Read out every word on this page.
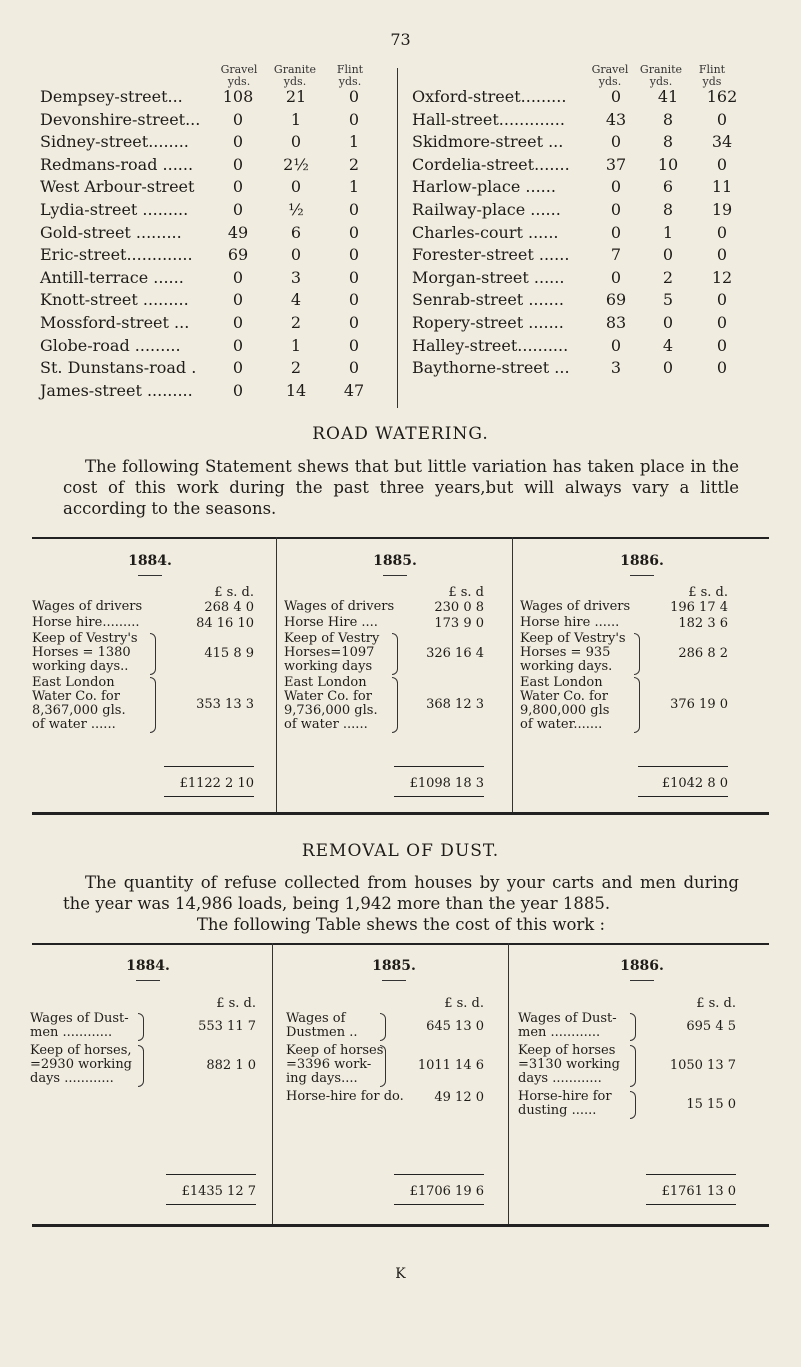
73
Gravel yds.
Granite yds.
Flint yds.
Gravel yds.
Granite yds.
Flint yds
Dempsey-street... 108	21	0
Devonshire-street...	0	1	0
Sidney-street........	0	0	1
Redmans-road ......	0	2½	2
West Arbour-street	0	0	1
Lydia-street .........	0	½	0
Gold-street .........	49	6	0
Eric-street.............	69	0	0
Antill-terrace ......	0	3	0
Knott-street .........	0	4	0
Mossford-street ...	0	2	0
Globe-road .........	0	1	0
St. Dunstans-road .	0	2	0
James-street .........	0	14	47
Oxford-street.........	0	41	162
Hall-street.............	43	8	0
Skidmore-street ...	0	8	34
Cordelia-street.......	37	10	0
Harlow-place ......	0	6	11
Railway-place ......	0	8	19
Charles-court ......	0	1	0
Forester-street ......	7	0	0
Morgan-street ......	0	2	12
Senrab-street .......	69	5	0
Ropery-street .......	83	0	0
Halley-street..........	0	4	0
Baythorne-street ...	3	0	0
ROAD WATERING.
The following Statement shews that but little variation has taken place in the cost of this work during the past three years,but will always vary a little according to the seasons.
1884.
£ s. d.
Wages of drivers	268 4 0
Horse hire.........	84 16 10
Keep of Vestry's
Horses = 1380
working days..
415 8 9
East London
Water Co. for
8,367,000 gls.
of water ......
353 13 3
£1122 2 10
1885.
£ s. d
Wages of drivers	230 0 8
Horse Hire ....	173 9 0
Keep of Vestry
Horses=1097
working days
326 16 4
East London
Water Co. for
9,736,000 gls.
of water ......
368 12 3
£1098 18 3
1886.
£ s. d.
Wages of drivers	196 17 4
Horse hire ......	182 3 6
Keep of Vestry's
Horses = 935
working days.
286 8 2
East London
Water Co. for
9,800,000 gls
of water.......
376 19 0
£1042 8 0
REMOVAL OF DUST.
The quantity of refuse collected from houses by your carts and men during the year was 14,986 loads, being 1,942 more than the year 1885.
The following Table shews the cost of this work :
1884.
£ s. d.
Wages of Dust-
men ............	553 11 7
Keep of horses,
=2930 working
days ............
882 1 0
£1435 12 7
1885.
£ s. d.
Wages of
Dustmen ..	645 13 0
Keep of horses
=3396 work-
ing days....
1011 14 6
Horse-hire for do.	49 12 0
£1706 19 6
1886.
£ s. d.
Wages of Dust-
men ............	695 4 5
Keep of horses
=3130 working
days ............
1050 13 7
Horse-hire for
dusting ......	15 15 0
£1761 13 0
K
